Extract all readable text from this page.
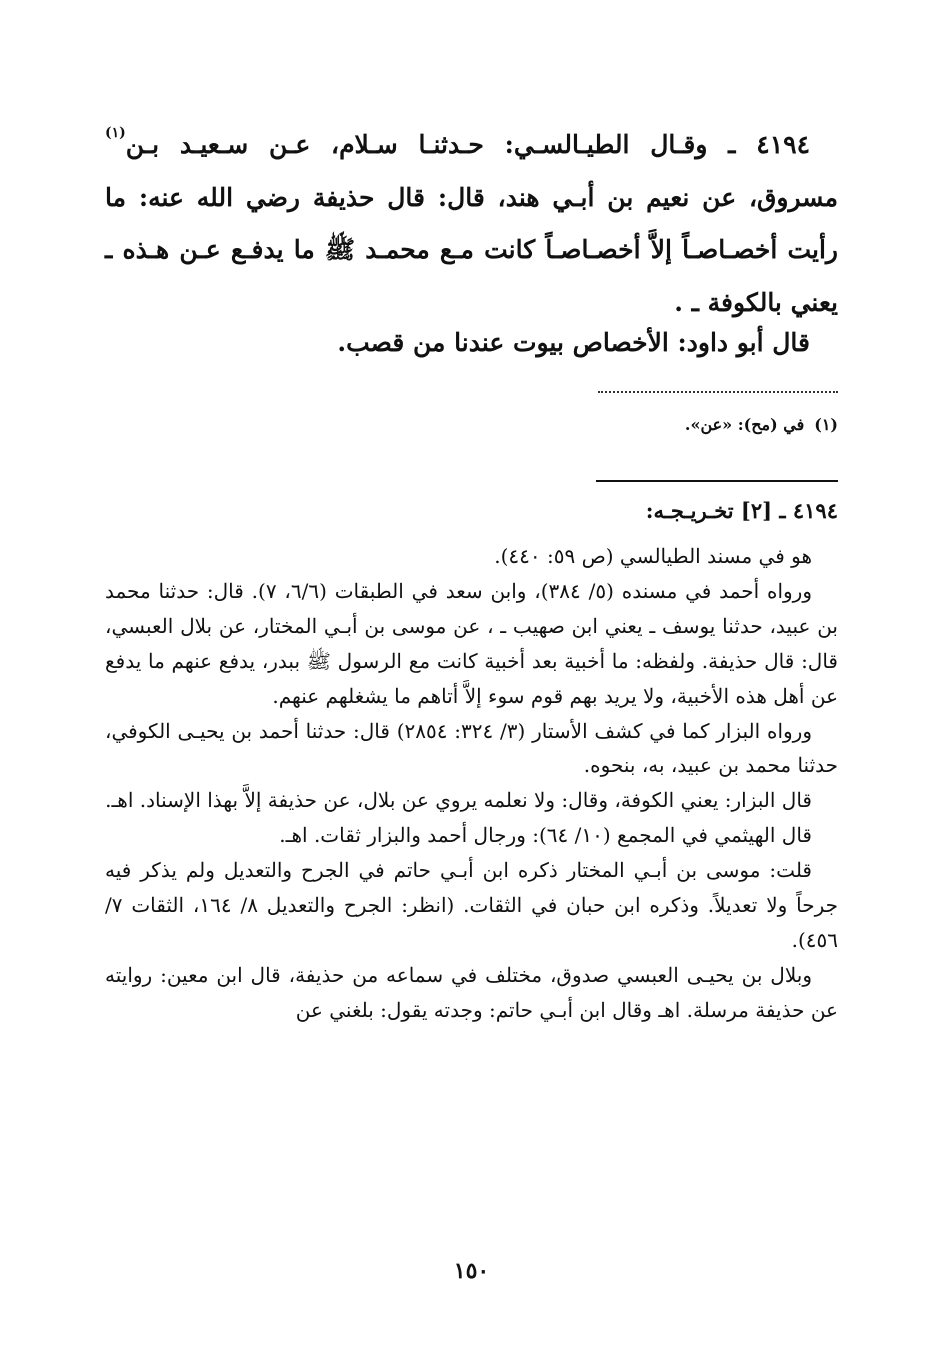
٤١٩٤ ـ وقـال الطيـالسـي: حـدثنـا سـلام، عـن سـعيـد بـن$^{(١)}$ مسروق، عن نعيم بن أبـي هند، قال: قال حذيفة رضي الله عنه: ما رأيت أخصـاصـاً إلاَّ أخصـاصـاً كانت مـع محمـد ﷺ ما يدفـع عـن هـذه ـ يعني بالكوفة ـ .

قال أبو داود: الأخصاص بيوت عندنا من قصب.

(١)في (مح): «عن».
٤١٩٤ ـ [٢] تخـريـجـه:

هو في مسند الطيالسي (ص ٥٩: ٤٤٠).

ورواه أحمد في مسنده (٥/ ٣٨٤)، وابن سعد في الطبقات (٦/٦، ٧). قال: حدثنا محمد بن عبيد، حدثنا يوسف ـ يعني ابن صهيب ـ ، عن موسى بن أبـي المختار، عن بلال العبسي، قال: قال حذيفة. ولفظه: ما أخبية بعد أخبية كانت مع الرسول ﷺ ببدر، يدفع عنهم ما يدفع عن أهل هذه الأخبية، ولا يريد بهم قوم سوء إلاَّ أتاهم ما يشغلهم عنهم.

ورواه البزار كما في كشف الأستار (٣/ ٣٢٤: ٢٨٥٤) قال: حدثنا أحمد بن يحيـى الكوفي، حدثنا محمد بن عبيد، به، بنحوه.

قال البزار: يعني الكوفة، وقال: ولا نعلمه يروي عن بلال، عن حذيفة إلاَّ بهذا الإسناد. اهـ.

قال الهيثمي في المجمع (١٠/ ٦٤): ورجال أحمد والبزار ثقات. اهـ.

قلت: موسى بن أبـي المختار ذكره ابن أبـي حاتم في الجرح والتعديل ولم يذكر فيه جرحاً ولا تعديلاً. وذكره ابن حبان في الثقات. (انظر: الجرح والتعديل ٨/ ١٦٤، الثقات ٧/ ٤٥٦).

وبلال بن يحيـى العبسي صدوق، مختلف في سماعه من حذيفة، قال ابن معين: روايته عن حذيفة مرسلة. اهـ وقال ابن أبـي حاتم: وجدته يقول: بلغني عن

١٥٠
